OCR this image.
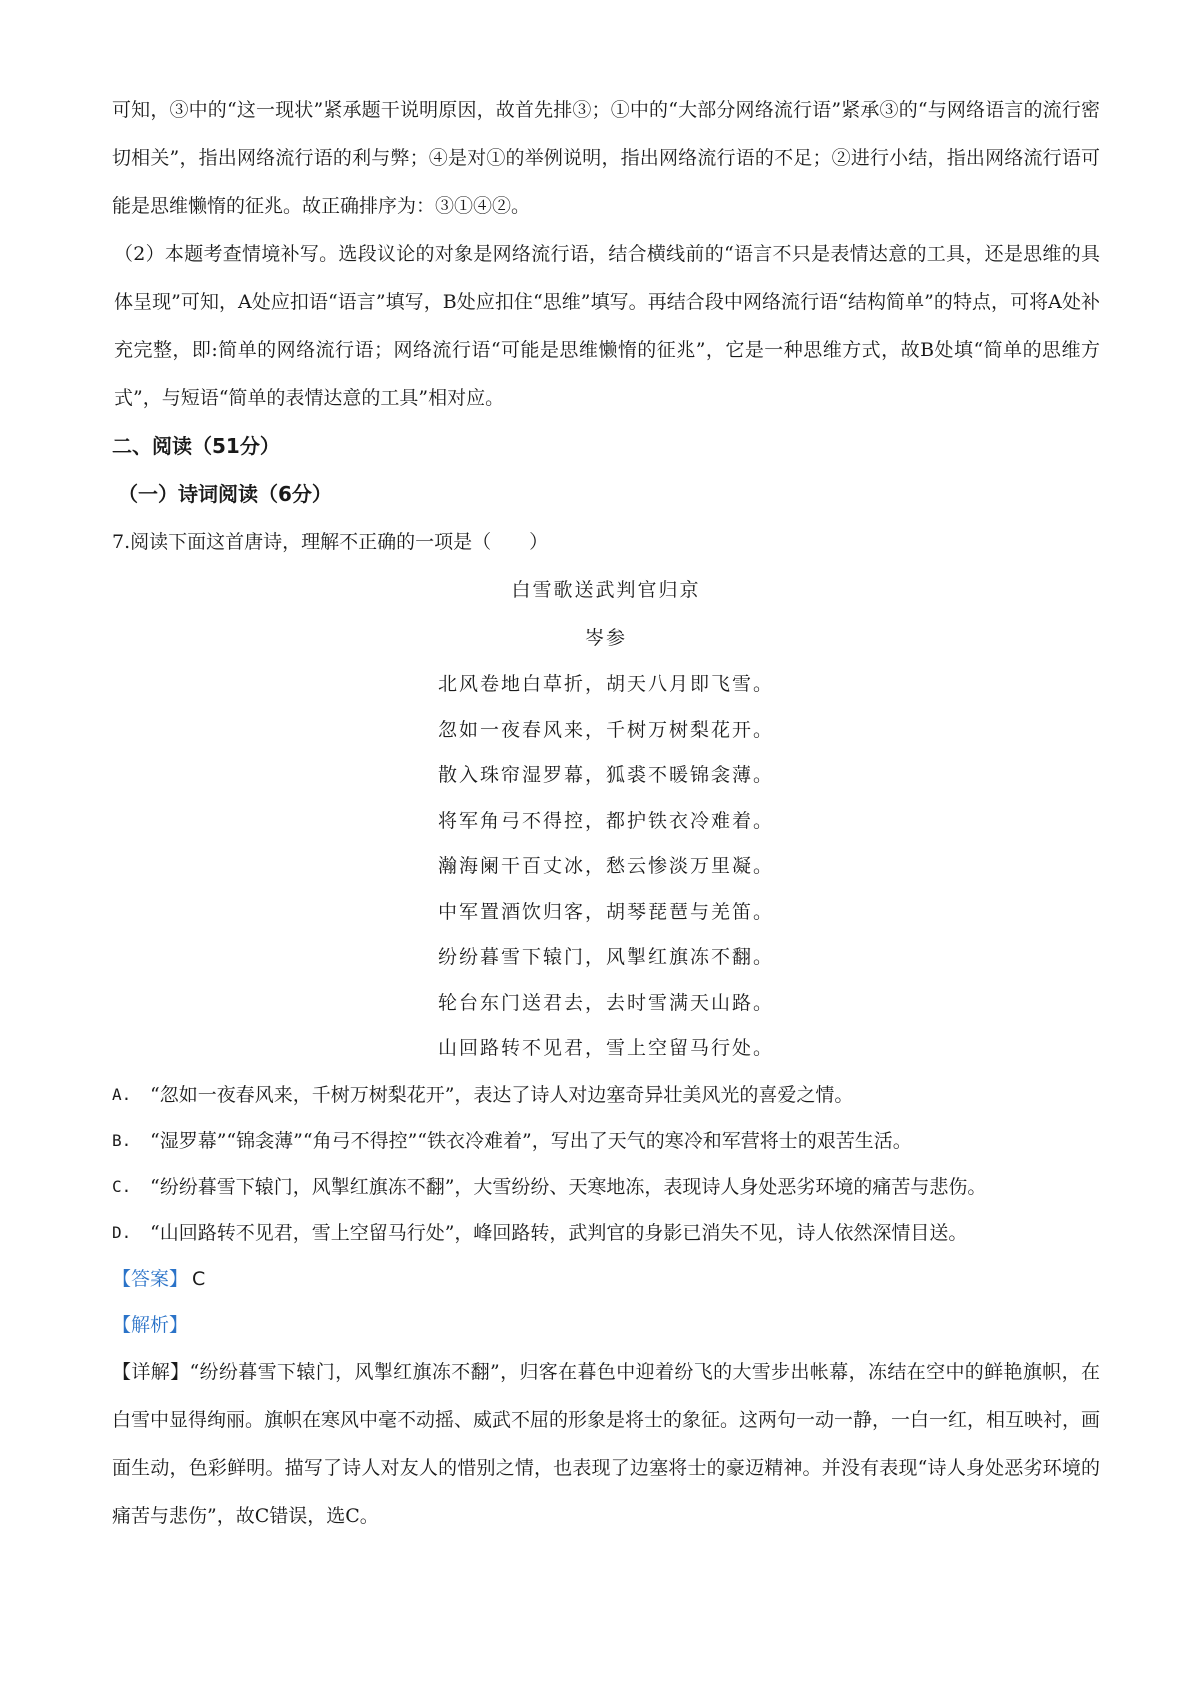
可知，③中的“这一现状”紧承题干说明原因，故首先排③；①中的“大部分网络流行语”紧承③的“与网络语言的流行密切相关”，指出网络流行语的利与弊；④是对①的举例说明，指出网络流行语的不足；②进行小结，指出网络流行语可能是思维懒惰的征兆。故正确排序为：③①④②。

（2）本题考查情境补写。选段议论的对象是网络流行语，结合横线前的“语言不只是表情达意的工具，还是思维的具体呈现”可知，A处应扣语“语言”填写，B处应扣住“思维”填写。再结合段中网络流行语“结构简单”的特点，可将A处补充完整，即:简单的网络流行语；网络流行语“可能是思维懒惰的征兆”，它是一种思维方式，故B处填“简单的思维方式”，与短语“简单的表情达意的工具”相对应。

二、阅读（51分）
（一）诗词阅读（6分）

7.阅读下面这首唐诗，理解不正确的一项是（　　）

白雪歌送武判官归京
岑参
北风卷地白草折，胡天八月即飞雪。
忽如一夜春风来，千树万树梨花开。
散入珠帘湿罗幕，狐裘不暖锦衾薄。
将军角弓不得控，都护铁衣冷难着。
瀚海阑干百丈冰，愁云惨淡万里凝。
中军置酒饮归客，胡琴琵琶与羌笛。
纷纷暮雪下辕门，风掣红旗冻不翻。
轮台东门送君去，去时雪满天山路。
山回路转不见君，雪上空留马行处。
A. “忽如一夜春风来，千树万树梨花开”，表达了诗人对边塞奇异壮美风光的喜爱之情。
B. “湿罗幕”“锦衾薄”“角弓不得控”“铁衣冷难着”，写出了天气的寒冷和军营将士的艰苦生活。
C. “纷纷暮雪下辕门，风掣红旗冻不翻”，大雪纷纷、天寒地冻，表现诗人身处恶劣环境的痛苦与悲伤。
D. “山回路转不见君，雪上空留马行处”，峰回路转，武判官的身影已消失不见，诗人依然深情目送。

【答案】 C

【解析】

【详解】“纷纷暮雪下辕门，风掣红旗冻不翻”，归客在暮色中迎着纷飞的大雪步出帐幕，冻结在空中的鲜艳旗帜，在白雪中显得绚丽。旗帜在寒风中毫不动摇、威武不屈的形象是将士的象征。这两句一动一静，一白一红，相互映衬，画面生动，色彩鲜明。描写了诗人对友人的惜别之情，也表现了边塞将士的豪迈精神。并没有表现“诗人身处恶劣环境的痛苦与悲伤”，故C错误，选C。
